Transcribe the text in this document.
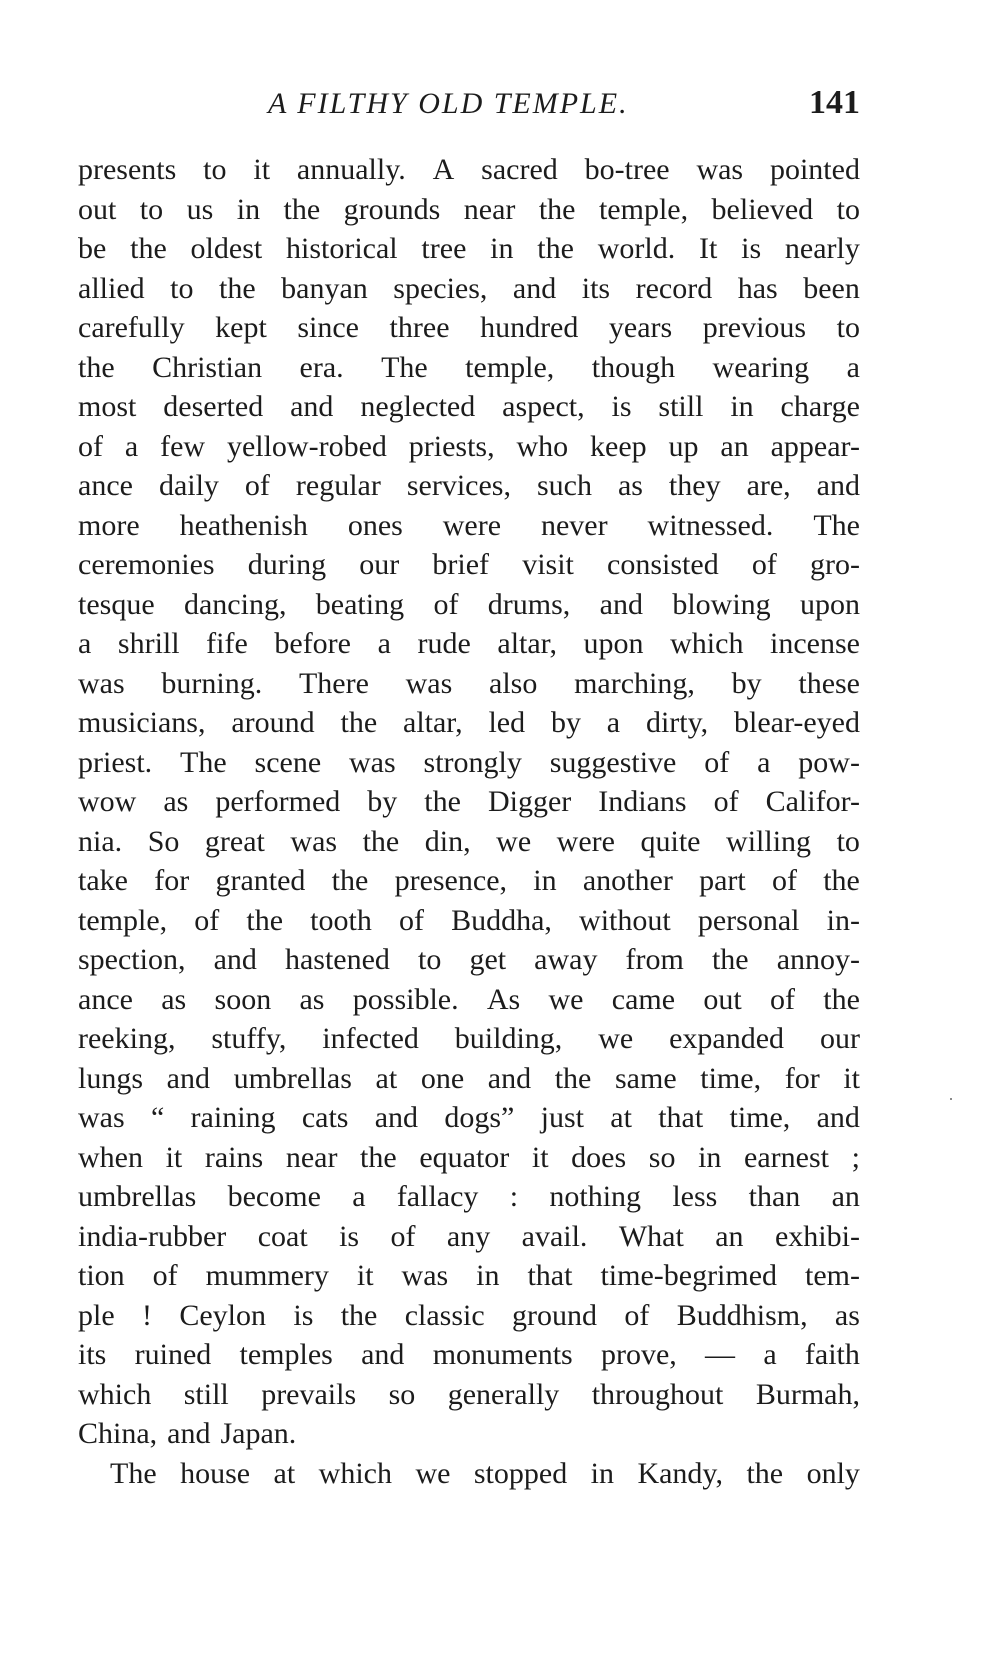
A FILTHY OLD TEMPLE.	141
presents to it annually. A sacred bo-tree was pointed
out to us in the grounds near the temple, believed to
be the oldest historical tree in the world. It is nearly
allied to the banyan species, and its record has been
carefully kept since three hundred years previous to
the Christian era. The temple, though wearing a
most deserted and neglected aspect, is still in charge
of a few yellow-robed priests, who keep up an appear-
ance daily of regular services, such as they are, and
more heathenish ones were never witnessed. The
ceremonies during our brief visit consisted of gro-
tesque dancing, beating of drums, and blowing upon
a shrill fife before a rude altar, upon which incense
was burning. There was also marching, by these
musicians, around the altar, led by a dirty, blear-eyed
priest. The scene was strongly suggestive of a pow-
wow as performed by the Digger Indians of Califor-
nia. So great was the din, we were quite willing to
take for granted the presence, in another part of the
temple, of the tooth of Buddha, without personal in-
spection, and hastened to get away from the annoy-
ance as soon as possible. As we came out of the
reeking, stuffy, infected building, we expanded our
lungs and umbrellas at one and the same time, for it
was “ raining cats and dogs” just at that time, and
when it rains near the equator it does so in earnest ;
umbrellas become a fallacy : nothing less than an
india-rubber coat is of any avail. What an exhibi-
tion of mummery it was in that time-begrimed tem-
ple ! Ceylon is the classic ground of Buddhism, as
its ruined temples and monuments prove, — a faith
which still prevails so generally throughout Burmah,
China, and Japan.
The house at which we stopped in Kandy, the only
